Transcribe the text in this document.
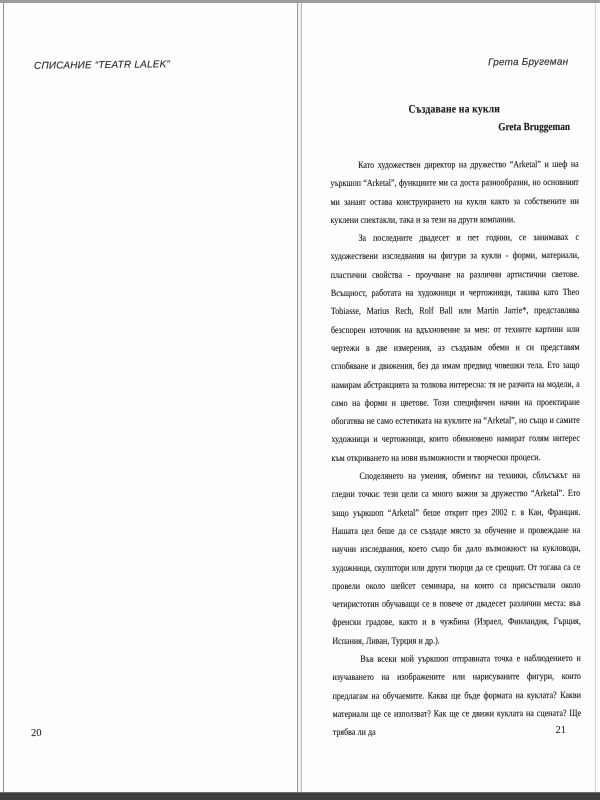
СПИСАНИЕ “TEATR LALEK”
20
Грета Бругеман
Създаване на кукли
Greta Bruggeman

Като художествен директор на дружество “Arketal” и шеф на уъркшоп “Arketal”, функциите ми са доста разнообразни, но основният ми занаят остава конструирането на кукли както за собствените ни куклени спектакли, така и за тези на други компании.

За последните двадесет и пет години, се занимавах с художествени изследвания на фигури за кукли - форми, материали, пластични свойства - проучване на различни артистични светове. Всъщност, работата на художници и чертожници, такива като Theo Tobiasse, Marius Rech, Rolf Ball или Martin Jarrie*, представлява безспорен източник на вдъхновение за мен: от техните картини или чертежи в две измерения, аз създавам обеми и си представям сглобяване и движения, без да имам предвид човешки тела. Ето защо намирам абстракцията за толкова интересна: тя не разчита на модели, а само на форми и цветове. Този специфичен начин на проектиране обогатява не само естетиката на куклите на “Arketal”, но също и самите художници и чертожници, които обикновено намират голям интерес към откриването на нови възможности и творчески процеси.

Споделянето на умения, обменът на техники, сблъсъкът на гледни точки: тези цели са много важни за дружество “Arketal”. Ето защо уъркшоп “Arketal” беше открит през 2002 г. в Кан, Франция. Нашата цел беше да се създаде място за обучение и провеждане на научни изследвания, което също би дало възможност на кукловоди, художници, скулптори или други творци да се срещнат. От тогава са се провели около шейсет семинара, на които са присъствали около четиристотин обучаващи се в повече от двадесет различни места: във френски градове, както и в чужбина (Израел, Финландия, Гърция, Испания, Ливан, Турция и др.).

Във всеки мой уъркшоп отправната точка е наблюдението и изучаването на изображените или нарисуваните фигури, които предлагам на обучаемите. Каква ще бъде формата на куклата? Какви материали ще се използват? Как ще се движи куклата на сцената? Ще трябва ли да	21
